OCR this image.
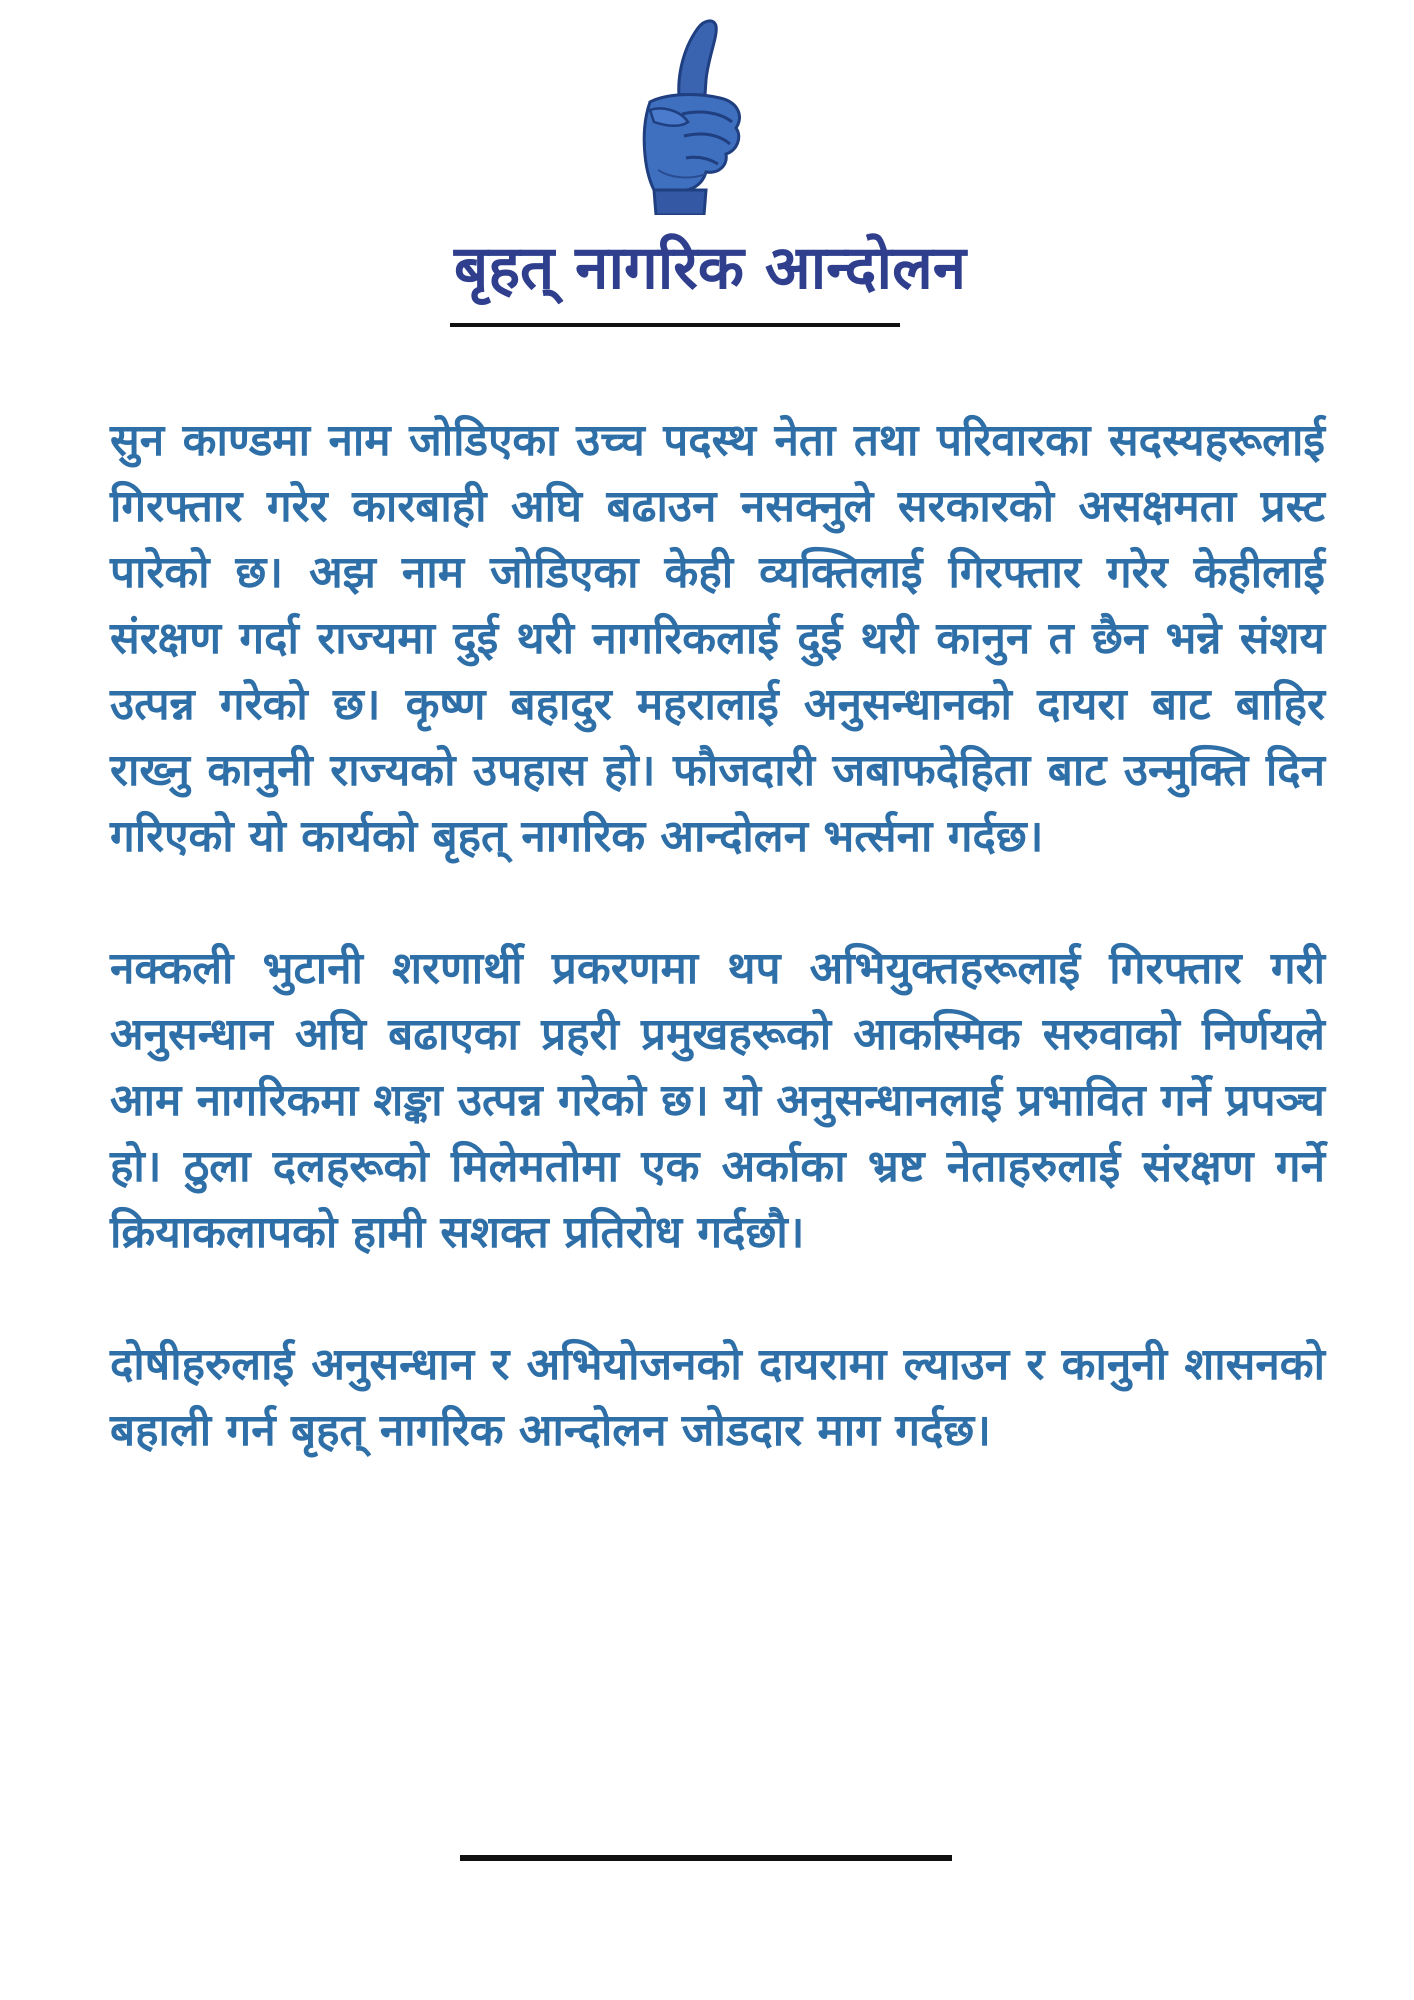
बृहत् नागरिक आन्दोलन

सुन काण्डमा नाम जोडिएका उच्च पदस्थ नेता तथा परिवारका सदस्यहरूलाई गिरफ्तार गरेर कारबाही अघि बढाउन नसक्नुले सरकारको असक्षमता प्रस्ट पारेको छ। अझ नाम जोडिएका केही व्यक्तिलाई गिरफ्तार गरेर केहीलाई संरक्षण गर्दा राज्यमा दुई थरी नागरिकलाई दुई थरी कानुन त छैन भन्ने संशय उत्पन्न गरेको छ। कृष्ण बहादुर महरालाई अनुसन्धानको दायरा बाट बाहिर राख्नु कानुनी राज्यको उपहास हो। फौजदारी जबाफदेहिता बाट उन्मुक्ति दिन गरिएको यो कार्यको बृहत् नागरिक आन्दोलन भर्त्सना गर्दछ।

नक्कली भुटानी शरणार्थी प्रकरणमा थप अभियुक्तहरूलाई गिरफ्तार गरी अनुसन्धान अघि बढाएका प्रहरी प्रमुखहरूको आकस्मिक सरुवाको निर्णयले आम नागरिकमा शङ्का उत्पन्न गरेको छ। यो अनुसन्धानलाई प्रभावित गर्ने प्रपञ्च हो। ठुला दलहरूको मिलेमतोमा एक अर्काका भ्रष्ट नेताहरुलाई संरक्षण गर्ने क्रियाकलापको हामी सशक्त प्रतिरोध गर्दछौ।

दोषीहरुलाई अनुसन्धान र अभियोजनको दायरामा ल्याउन र कानुनी शासनको बहाली गर्न बृहत् नागरिक आन्दोलन जोडदार माग गर्दछ।
